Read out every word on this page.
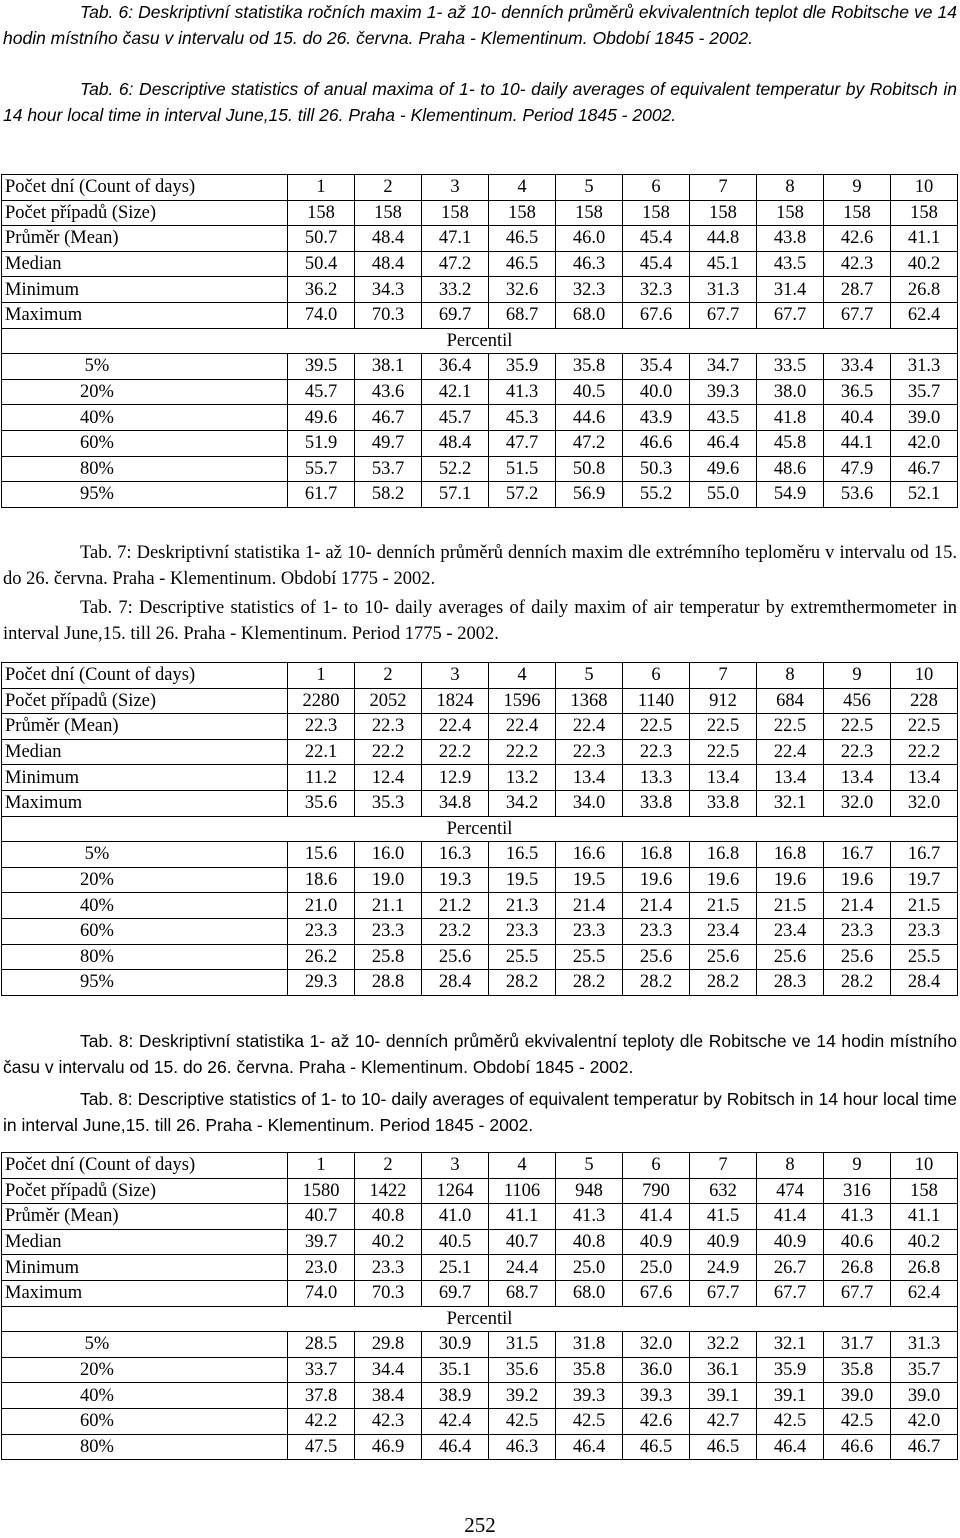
Tab. 6: Deskriptivní statistika ročních maxim 1- až 10- denních průměrů ekvivalentních teplot dle Robitsche ve 14 hodin místního času v intervalu od 15. do 26. června. Praha - Klementinum. Období 1845 - 2002.

Tab. 6: Descriptive statistics of anual maxima of 1- to 10- daily averages of equivalent temperatur by Robitsch in 14 hour local time in interval June,15. till 26. Praha - Klementinum. Period 1845 - 2002.

Počet dní (Count of days)	1	2	3	4	5	6	7	8	9	10
Počet případů (Size)	158	158	158	158	158	158	158	158	158	158
Průměr (Mean)	50.7	48.4	47.1	46.5	46.0	45.4	44.8	43.8	42.6	41.1
Median	50.4	48.4	47.2	46.5	46.3	45.4	45.1	43.5	42.3	40.2
Minimum	36.2	34.3	33.2	32.6	32.3	32.3	31.3	31.4	28.7	26.8
Maximum	74.0	70.3	69.7	68.7	68.0	67.6	67.7	67.7	67.7	62.4
Percentil										
5%	39.5	38.1	36.4	35.9	35.8	35.4	34.7	33.5	33.4	31.3
20%	45.7	43.6	42.1	41.3	40.5	40.0	39.3	38.0	36.5	35.7
40%	49.6	46.7	45.7	45.3	44.6	43.9	43.5	41.8	40.4	39.0
60%	51.9	49.7	48.4	47.7	47.2	46.6	46.4	45.8	44.1	42.0
80%	55.7	53.7	52.2	51.5	50.8	50.3	49.6	48.6	47.9	46.7
95%	61.7	58.2	57.1	57.2	56.9	55.2	55.0	54.9	53.6	52.1

Tab. 7: Deskriptivní statistika 1- až 10- denních průměrů denních maxim dle extrémního teploměru v intervalu od 15. do 26. června. Praha - Klementinum. Období 1775 - 2002.

Tab. 7: Descriptive statistics of 1- to 10- daily averages of daily maxim of air temperatur by extremthermometer in interval June,15. till 26. Praha - Klementinum. Period 1775 - 2002.

Počet dní (Count of days)	1	2	3	4	5	6	7	8	9	10
Počet případů (Size)	2280	2052	1824	1596	1368	1140	912	684	456	228
Průměr (Mean)	22.3	22.3	22.4	22.4	22.4	22.5	22.5	22.5	22.5	22.5
Median	22.1	22.2	22.2	22.2	22.3	22.3	22.5	22.4	22.3	22.2
Minimum	11.2	12.4	12.9	13.2	13.4	13.3	13.4	13.4	13.4	13.4
Maximum	35.6	35.3	34.8	34.2	34.0	33.8	33.8	32.1	32.0	32.0
Percentil										
5%	15.6	16.0	16.3	16.5	16.6	16.8	16.8	16.8	16.7	16.7
20%	18.6	19.0	19.3	19.5	19.5	19.6	19.6	19.6	19.6	19.7
40%	21.0	21.1	21.2	21.3	21.4	21.4	21.5	21.5	21.4	21.5
60%	23.3	23.3	23.2	23.3	23.3	23.3	23.4	23.4	23.3	23.3
80%	26.2	25.8	25.6	25.5	25.5	25.6	25.6	25.6	25.6	25.5
95%	29.3	28.8	28.4	28.2	28.2	28.2	28.2	28.3	28.2	28.4

Tab. 8: Deskriptivní statistika 1- až 10- denních průměrů ekvivalentní teploty dle Robitsche ve 14 hodin místního času v intervalu od 15. do 26. června. Praha - Klementinum. Období 1845 - 2002.

Tab. 8: Descriptive statistics of 1- to 10- daily averages of equivalent temperatur by Robitsch in 14 hour local time in interval June,15. till 26. Praha - Klementinum. Period 1845 - 2002.

Počet dní (Count of days)	1	2	3	4	5	6	7	8	9	10
Počet případů (Size)	1580	1422	1264	1106	948	790	632	474	316	158
Průměr (Mean)	40.7	40.8	41.0	41.1	41.3	41.4	41.5	41.4	41.3	41.1
Median	39.7	40.2	40.5	40.7	40.8	40.9	40.9	40.9	40.6	40.2
Minimum	23.0	23.3	25.1	24.4	25.0	25.0	24.9	26.7	26.8	26.8
Maximum	74.0	70.3	69.7	68.7	68.0	67.6	67.7	67.7	67.7	62.4
Percentil										
5%	28.5	29.8	30.9	31.5	31.8	32.0	32.2	32.1	31.7	31.3
20%	33.7	34.4	35.1	35.6	35.8	36.0	36.1	35.9	35.8	35.7
40%	37.8	38.4	38.9	39.2	39.3	39.3	39.1	39.1	39.0	39.0
60%	42.2	42.3	42.4	42.5	42.5	42.6	42.7	42.5	42.5	42.0
80%	47.5	46.9	46.4	46.3	46.4	46.5	46.5	46.4	46.6	46.7
252
